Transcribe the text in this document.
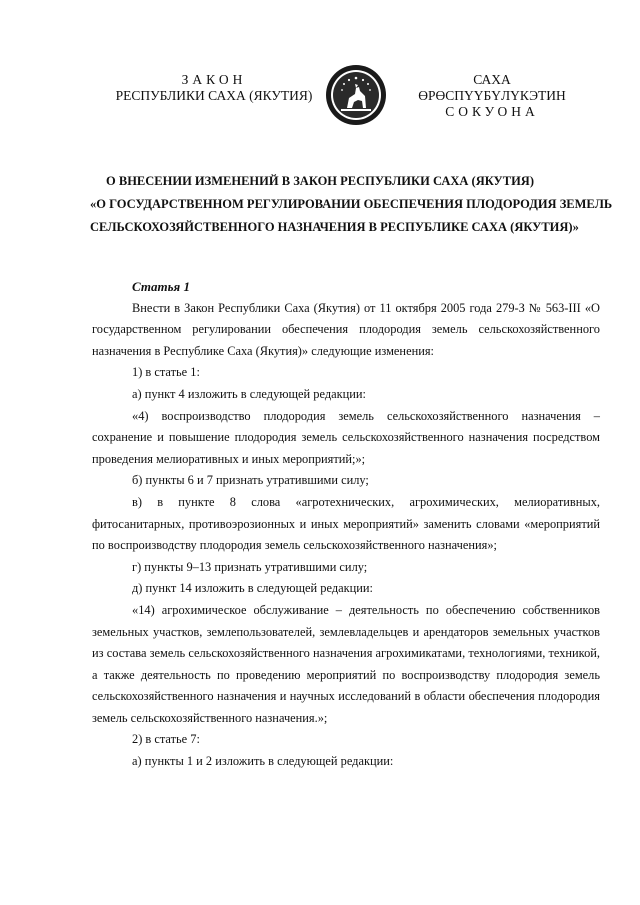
ЗАКОН
РЕСПУБЛИКИ САХА (ЯКУТИЯ)
САХА ӨРӨСПҮҮБҮЛҮКЭТИН
СОКУОНА
О ВНЕСЕНИИ ИЗМЕНЕНИЙ В ЗАКОН РЕСПУБЛИКИ САХА (ЯКУТИЯ)
«О ГОСУДАРСТВЕННОМ РЕГУЛИРОВАНИИ ОБЕСПЕЧЕНИЯ ПЛОДОРОДИЯ ЗЕМЕЛЬ
СЕЛЬСКОХОЗЯЙСТВЕННОГО НАЗНАЧЕНИЯ В РЕСПУБЛИКЕ САХА (ЯКУТИЯ)»
Статья 1

Внести в Закон Республики Саха (Якутия) от 11 октября 2005 года 279-З № 563-III «О государственном регулировании обеспечения плодородия земель сельскохозяйственного назначения в Республике Саха (Якутия)» следующие изменения:

1) в статье 1:

а) пункт 4 изложить в следующей редакции:

«4) воспроизводство плодородия земель сельскохозяйственного назначения – сохранение и повышение плодородия земель сельскохозяйственного назначения посредством проведения мелиоративных и иных мероприятий;»;

б) пункты 6 и 7 признать утратившими силу;

в) в пункте 8 слова «агротехнических, агрохимических, мелиоративных, фитосанитарных, противоэрозионных и иных мероприятий» заменить словами «мероприятий по воспроизводству плодородия земель сельскохозяйственного назначения»;

г) пункты 9–13 признать утратившими силу;

д) пункт 14 изложить в следующей редакции:

«14) агрохимическое обслуживание – деятельность по обеспечению собственников земельных участков, землепользователей, землевладельцев и арендаторов земельных участков из состава земель сельскохозяйственного назначения агрохимикатами, технологиями, техникой, а также деятельность по проведению мероприятий по воспроизводству плодородия земель сельскохозяйственного назначения и научных исследований в области обеспечения плодородия земель сельскохозяйственного назначения.»;

2) в статье 7:

а) пункты 1 и 2 изложить в следующей редакции:
